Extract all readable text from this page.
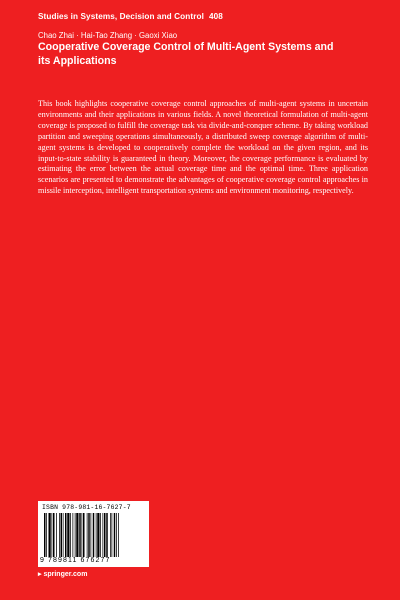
Studies in Systems, Decision and Control 408
Chao Zhai · Hai-Tao Zhang · Gaoxi Xiao
Cooperative Coverage Control of Multi-Agent Systems and its Applications
This book highlights cooperative coverage control approaches of multi-agent systems in uncertain environments and their applications in various fields. A novel theoretical formulation of multi-agent coverage is proposed to fulfill the coverage task via divide-and-conquer scheme. By taking workload partition and sweeping operations simultaneously, a distributed sweep coverage algorithm of multi-agent systems is developed to cooperatively complete the workload on the given region, and its input-to-state stability is guaranteed in theory. Moreover, the coverage performance is evaluated by estimating the error between the actual coverage time and the optimal time. Three application scenarios are presented to demonstrate the advantages of cooperative coverage control approaches in missile interception, intelligent transportation systems and environment monitoring, respectively.
ISBN 978-981-16-7627-7
9 789811 676277
▸ springer.com
